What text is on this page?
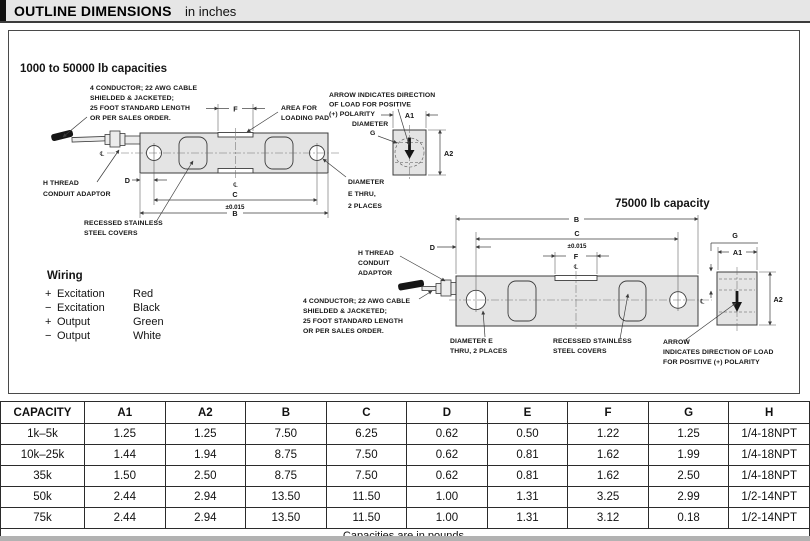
OUTLINE DIMENSIONS in inches
1000 to 50000 lb capacities
℄
℄
F
D
C
±0.015
B
A1
A2
4 CONDUCTOR; 22 AWG CABLE
SHIELDED & JACKETED;
25 FOOT STANDARD LENGTH
OR PER SALES ORDER.
AREA FOR
LOADING PAD
ARROW INDICATES DIRECTION
OF LOAD FOR POSITIVE
(+) POLARITY
DIAMETER
G
H THREAD
CONDUIT ADAPTOR
RECESSED STAINLESS
STEEL COVERS
DIAMETER
E THRU,
2 PLACES	75000 lb capacity
℄
℄
B
C
±0.015
D
F
G
A1
A2
H THREAD
CONDUIT
ADAPTOR
4 CONDUCTOR; 22 AWG CABLE
SHIELDED & JACKETED;
25 FOOT STANDARD LENGTH
OR PER SALES ORDER.
DIAMETER E
THRU, 2 PLACES
RECESSED STAINLESS
STEEL COVERS
ARROW
INDICATES DIRECTION OF LOAD
FOR POSITIVE (+) POLARITY
Wiring
+ Excitation	Red
− Excitation	Black
+ Output	Green
− Output	White
CAPACITY	A1	A2	B	C	D	E	F	G	H
1k–5k	1.25	1.25	7.50	6.25	0.62	0.50	1.22	1.25	1/4-18NPT
10k–25k	1.44	1.94	8.75	7.50	0.62	0.81	1.62	1.99	1/4-18NPT
35k	1.50	2.50	8.75	7.50	0.62	0.81	1.62	2.50	1/4-18NPT
50k	2.44	2.94	13.50	11.50	1.00	1.31	3.25	2.99	1/2-14NPT
75k	2.44	2.94	13.50	11.50	1.00	1.31	3.12	0.18	1/2-14NPT
